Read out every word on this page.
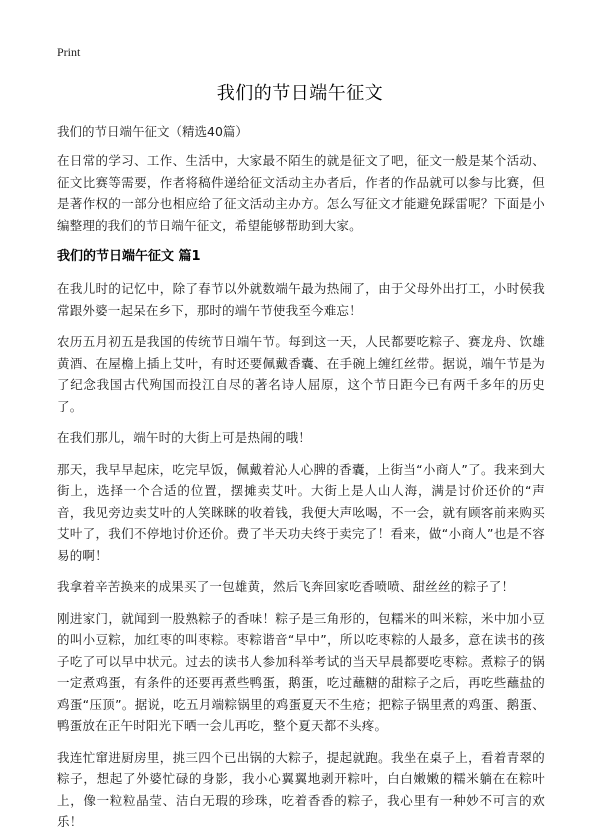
Print
我们的节日端午征文
我们的节日端午征文（精选40篇）

在日常的学习、工作、生活中，大家最不陌生的就是征文了吧，征文一般是某个活动、征文比赛等需要，作者将稿件递给征文活动主办者后，作者的作品就可以参与比赛，但是著作权的一部分也相应给了征文活动主办方。怎么写征文才能避免踩雷呢？下面是小编整理的我们的节日端午征文，希望能够帮助到大家。

我们的节日端午征文 篇1

在我儿时的记忆中，除了春节以外就数端午最为热闹了，由于父母外出打工，小时侯我常跟外婆一起呆在乡下，那时的端午节使我至今难忘！

农历五月初五是我国的传统节日端午节。每到这一天，人民都要吃粽子、赛龙舟、饮雄黄酒、在屋檐上插上艾叶，有时还要佩戴香囊、在手碗上缠红丝带。据说，端午节是为了纪念我国古代殉国而投江自尽的著名诗人屈原，这个节日距今已有两千多年的历史了。

在我们那儿，端午时的大街上可是热闹的哦！

那天，我早早起床，吃完早饭，佩戴着沁人心脾的香囊，上街当“小商人”了。我来到大街上，选择一个合适的位置，摆摊卖艾叶。大街上是人山人海，满是讨价还价的“声音，我见旁边卖艾叶的人笑眯眯的收着钱，我便大声吆喝，不一会，就有顾客前来购买艾叶了，我们不停地讨价还价。费了半天功夫终于卖完了！看来，做“小商人”也是不容易的啊！

我拿着辛苦换来的成果买了一包雄黄，然后飞奔回家吃香喷喷、甜丝丝的粽子了！

刚进家门，就闻到一股熟粽子的香味！粽子是三角形的，包糯米的叫米粽，米中加小豆的叫小豆粽，加红枣的叫枣粽。枣粽谐音“早中”，所以吃枣粽的人最多，意在读书的孩子吃了可以早中状元。过去的读书人参加科举考试的当天早晨都要吃枣粽。煮粽子的锅一定煮鸡蛋，有条件的还要再煮些鸭蛋，鹅蛋，吃过蘸糖的甜粽子之后，再吃些蘸盐的鸡蛋“压顶”。据说，吃五月端粽锅里的鸡蛋夏天不生疮；把粽子锅里煮的鸡蛋、鹅蛋、鸭蛋放在正午时阳光下晒一会儿再吃，整个夏天都不头疼。

我连忙窜进厨房里，挑三四个已出锅的大粽子，提起就跑。我坐在桌子上，看着青翠的粽子，想起了外婆忙碌的身影，我小心翼翼地剥开粽叶，白白嫩嫩的糯米躺在在粽叶上，像一粒粒晶莹、洁白无瑕的珍珠，吃着香香的粽子，我心里有一种妙不可言的欢乐！
